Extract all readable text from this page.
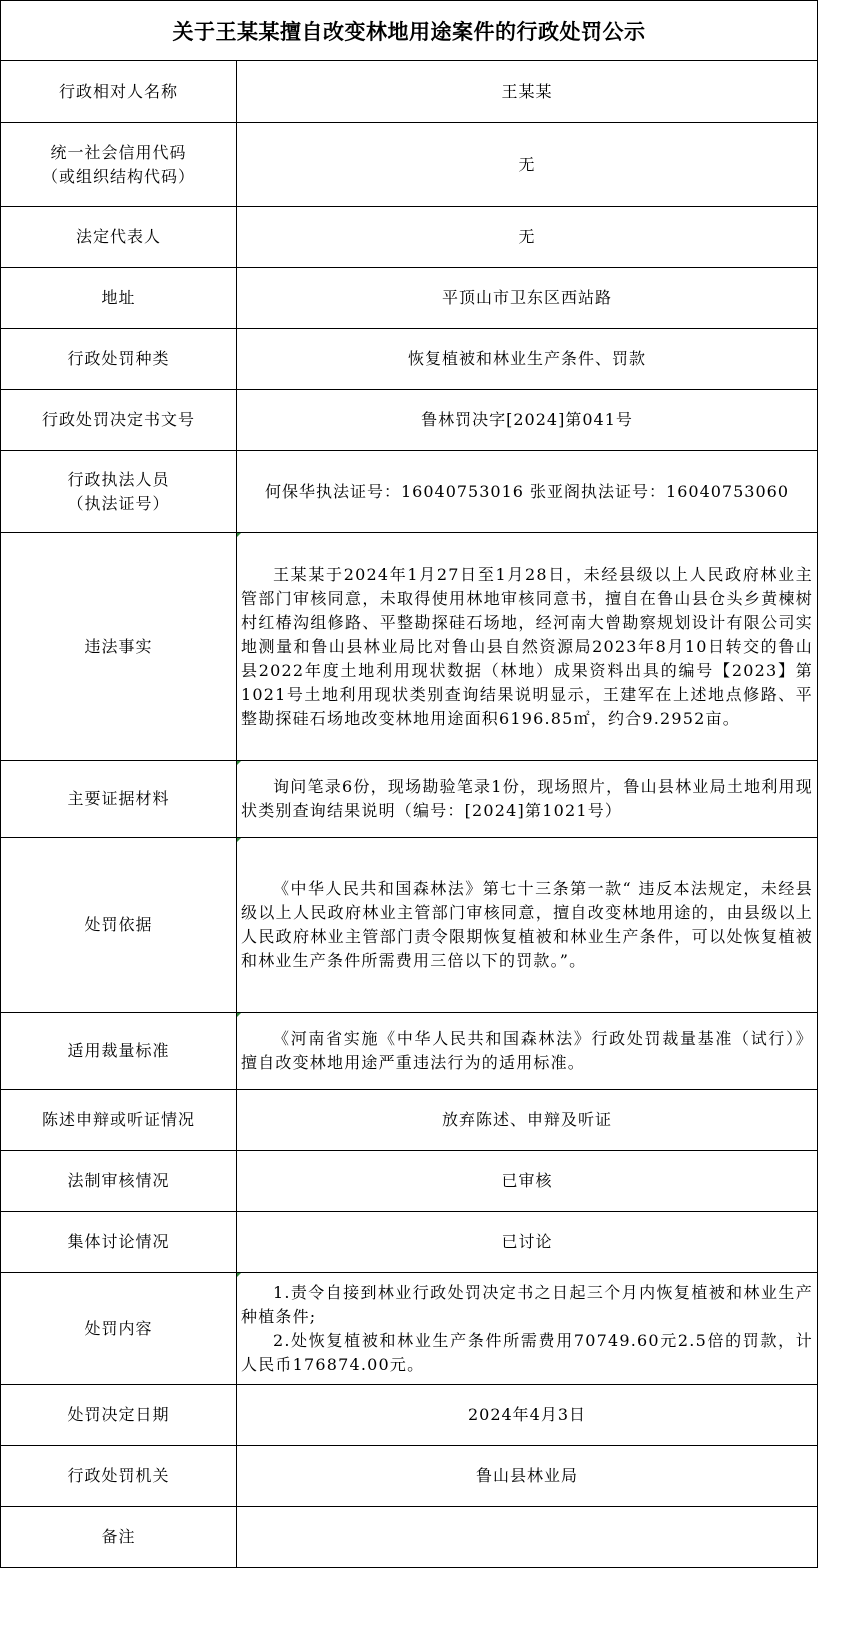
关于王某某擅自改变林地用途案件的行政处罚公示
行政相对人名称	王某某
统一社会信用代码
（或组织结构代码）	无
法定代表人	无
地址	平顶山市卫东区西站路
行政处罚种类	恢复植被和林业生产条件、罚款
行政处罚决定书文号	鲁林罚决字[2024]第041号
行政执法人员
（执法证号）	何保华执法证号：16040753016 张亚阁执法证号：16040753060
违法事实	王某某于2024年1月27日至1月28日，未经县级以上人民政府林业主管部门审核同意，未取得使用林地审核同意书，擅自在鲁山县仓头乡黄楝树村红椿沟组修路、平整勘探硅石场地，经河南大曾勘察规划设计有限公司实地测量和鲁山县林业局比对鲁山县自然资源局2023年8月10日转交的鲁山县2022年度土地利用现状数据（林地）成果资料出具的编号【2023】第1021号土地利用现状类别查询结果说明显示，王建军在上述地点修路、平整勘探硅石场地改变林地用途面积6196.85㎡，约合9.2952亩。

主要证据材料	询问笔录6份，现场勘验笔录1份，现场照片，鲁山县林业局土地利用现状类别查询结果说明（编号：[2024]第1021号）

处罚依据	《中华人民共和国森林法》第七十三条第一款“ 违反本法规定，未经县级以上人民政府林业主管部门审核同意，擅自改变林地用途的，由县级以上人民政府林业主管部门责令限期恢复植被和林业生产条件，可以处恢复植被和林业生产条件所需费用三倍以下的罚款。”。

适用裁量标准	《河南省实施《中华人民共和国森林法》行政处罚裁量基准（试行）》擅自改变林地用途严重违法行为的适用标准。

陈述申辩或听证情况	放弃陈述、申辩及听证
法制审核情况	已审核
集体讨论情况	已讨论
处罚内容	1.责令自接到林业行政处罚决定书之日起三个月内恢复植被和林业生产种植条件;
2.处恢复植被和林业生产条件所需费用70749.60元2.5倍的罚款，计人民币176874.00元。

处罚决定日期	2024年4月3日
行政处罚机关	鲁山县林业局
备注	
